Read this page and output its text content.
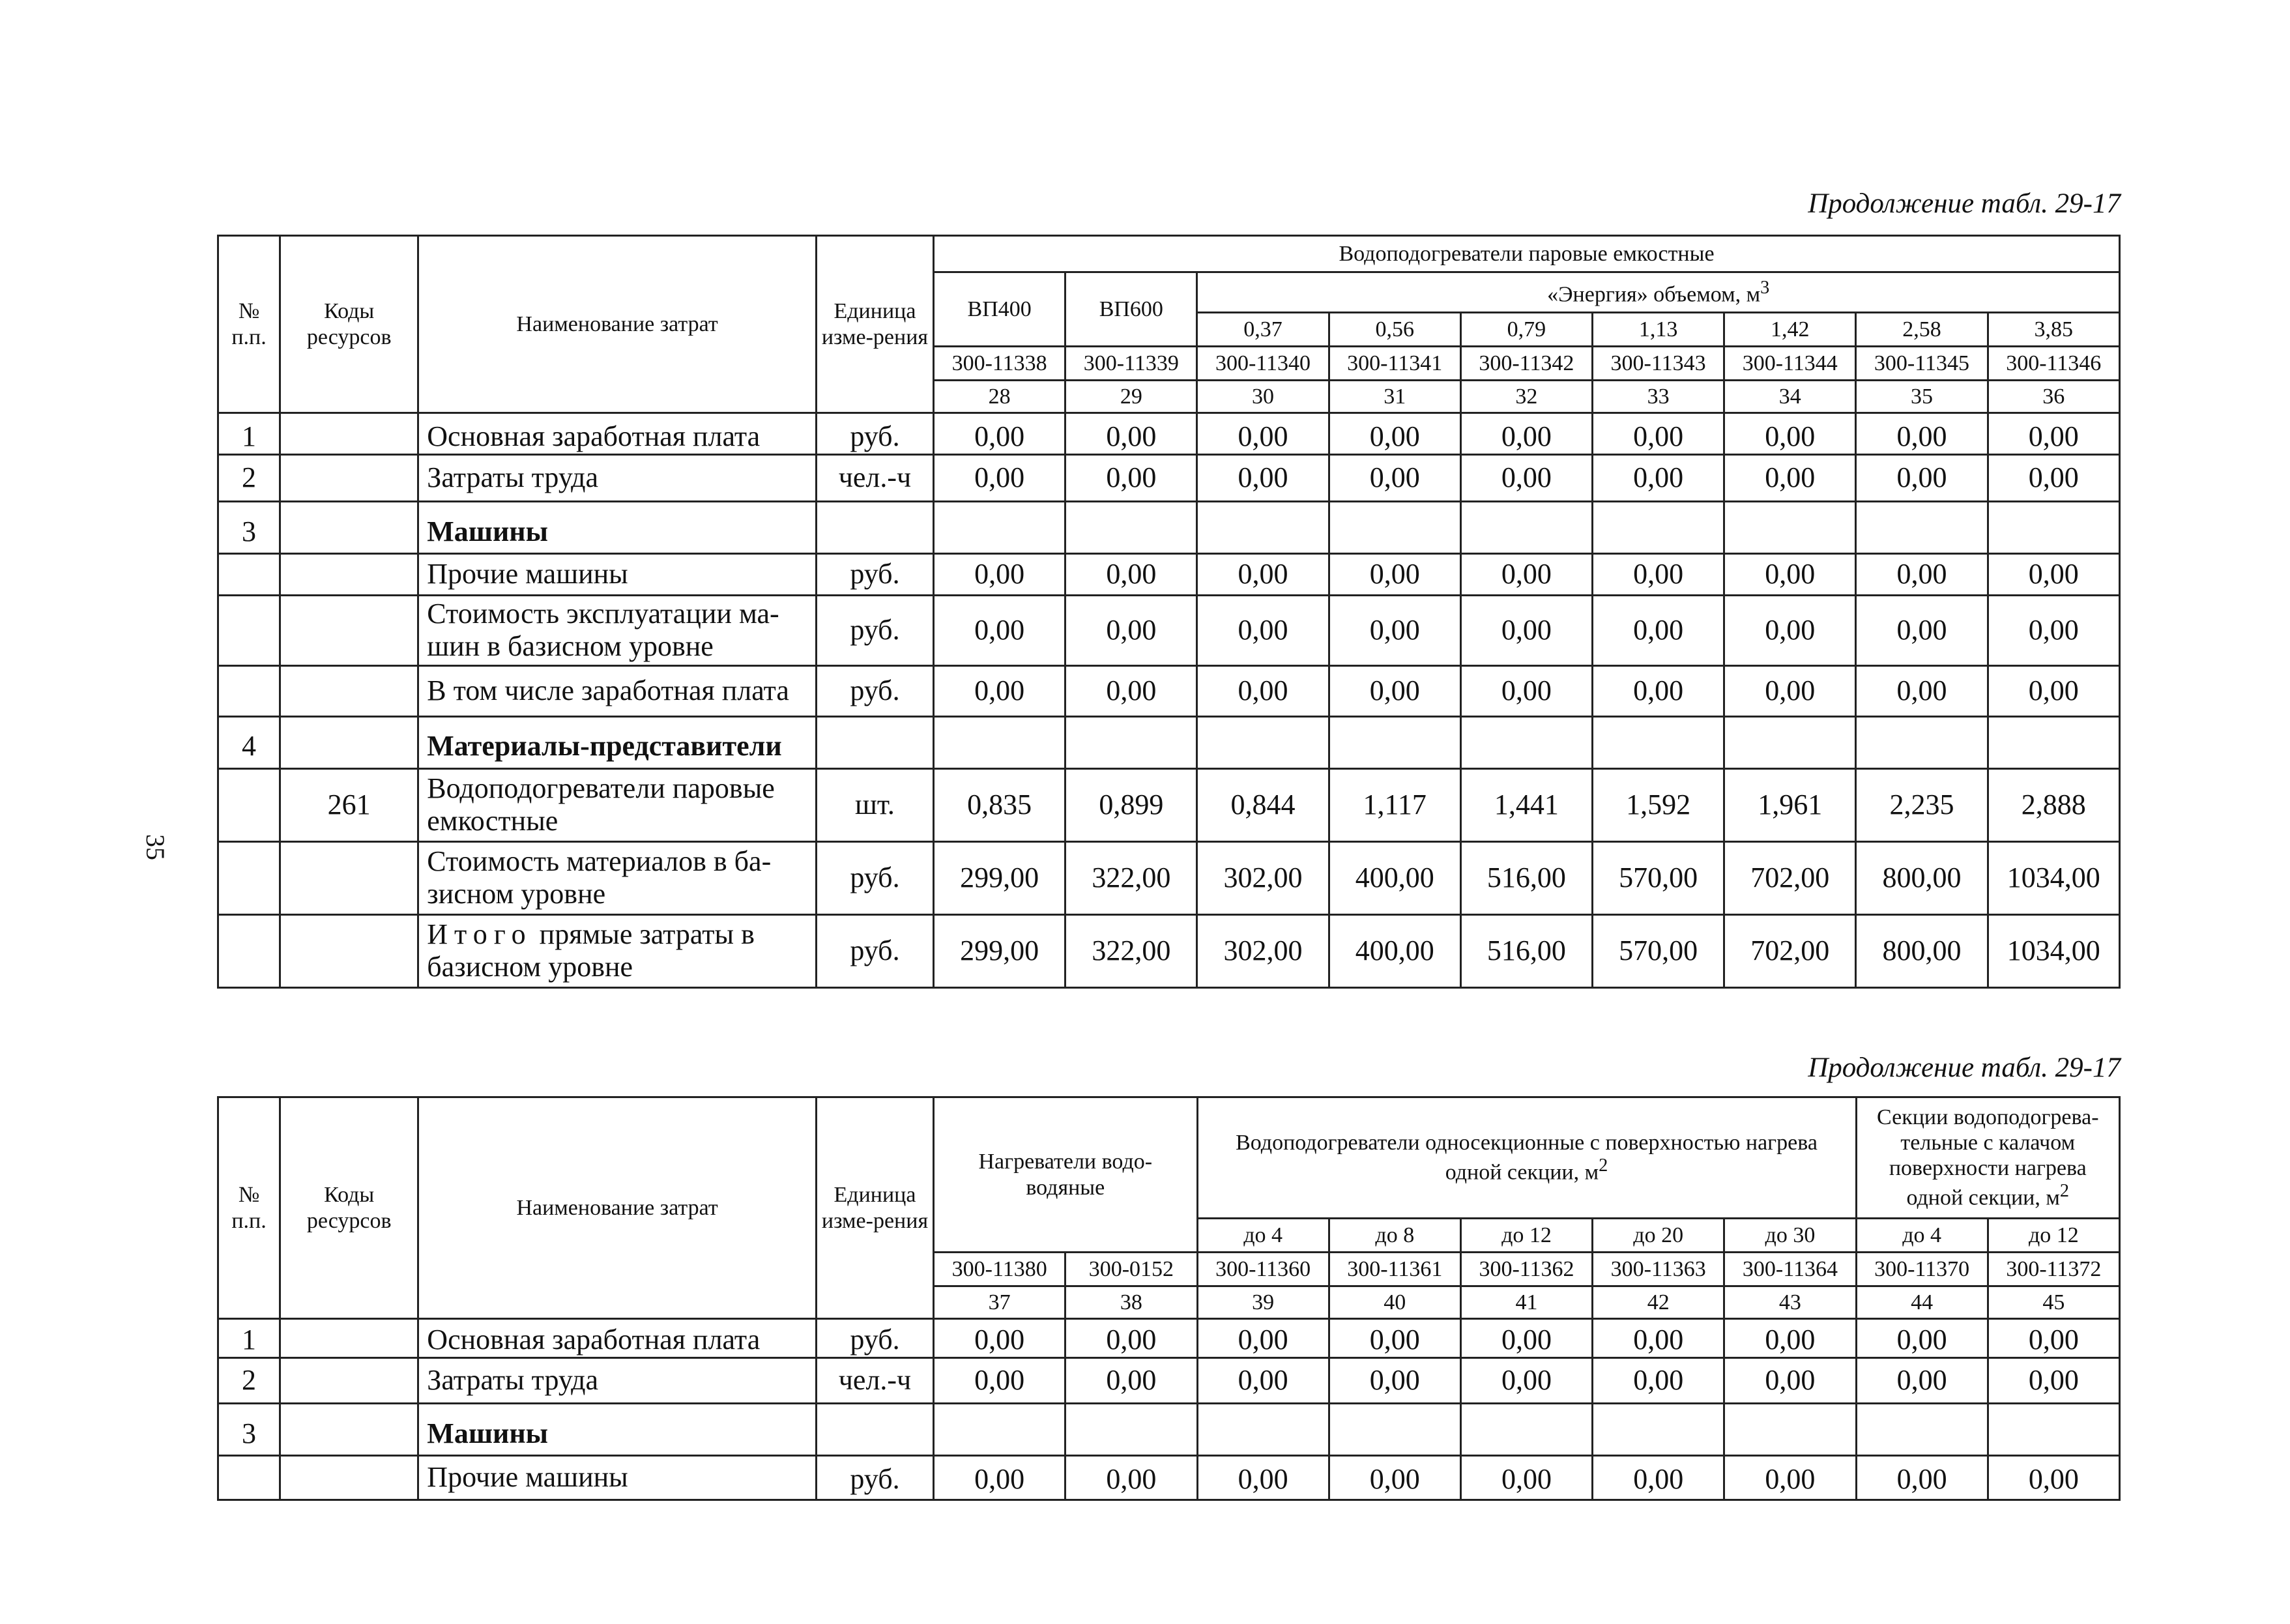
Продолжение табл. 29-17
35
№ п.п.	Коды ресурсов	Наименование затрат	Единица изме-рения	Водоподогреватели паровые емкостные								
				ВП400	ВП600	«Энергия» объемом, $м^3$
						0,37	0,56	0,79	1,13	1,42	2,58	3,85
				300-11338	300-11339	300-11340	300-11341	300-11342	300-11343	300-11344	300-11345	300-11346
				28	29	30	31	32	33	34	35	36
1		Основная заработная плата	руб.	0,00	0,00	0,00	0,00	0,00	0,00	0,00	0,00	0,00
2		Затраты труда	чел.-ч	0,00	0,00	0,00	0,00	0,00	0,00	0,00	0,00	0,00
3		Машины										
		Прочие машины	руб.	0,00	0,00	0,00	0,00	0,00	0,00	0,00	0,00	0,00
		Стоимость эксплуатации ма-шин в базисном уровне	руб.	0,00	0,00	0,00	0,00	0,00	0,00	0,00	0,00	0,00
		В том числе заработная плата	руб.	0,00	0,00	0,00	0,00	0,00	0,00	0,00	0,00	0,00
4		Материалы-представители										
	261	Водоподогреватели паровые емкостные	шт.	0,835	0,899	0,844	1,117	1,441	1,592	1,961	2,235	2,888
		Стоимость материалов в ба-зисном уровне	руб.	299,00	322,00	302,00	400,00	516,00	570,00	702,00	800,00	1034,00
		Итого прямые затраты в базисном уровне	руб.	299,00	322,00	302,00	400,00	516,00	570,00	702,00	800,00	1034,00
Продолжение табл. 29-17
№ п.п.	Коды ресурсов	Наименование затрат	Единица изме-рения	Нагреватели водо-водяные		Водоподогреватели односекционные с поверхностью нагрева одной секции, $м^2$					Секции водоподогрева-тельные с калачом поверхности нагрева одной секции, $м^2$
						до 4	до 8	до 12	до 20	до 30	до 4	до 12
				300-11380	300-0152	300-11360	300-11361	300-11362	300-11363	300-11364	300-11370	300-11372
				37	38	39	40	41	42	43	44	45
1		Основная заработная плата	руб.	0,00	0,00	0,00	0,00	0,00	0,00	0,00	0,00	0,00
2		Затраты труда	чел.-ч	0,00	0,00	0,00	0,00	0,00	0,00	0,00	0,00	0,00
3		Машины										
		Прочие машины	руб.	0,00	0,00	0,00	0,00	0,00	0,00	0,00	0,00	0,00
